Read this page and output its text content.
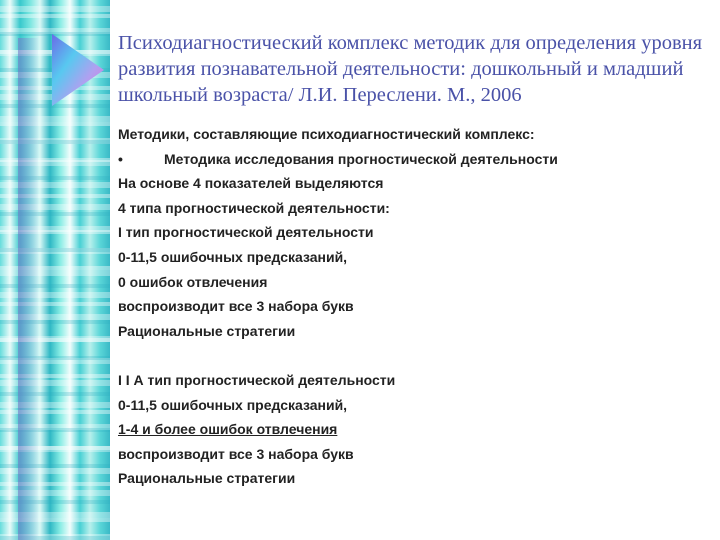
Психодиагностический комплекс методик для определения уровня развития познавательной деятельности: дошкольный и младший школьный возраста/ Л.И. Переслени. М., 2006
Методики, составляющие психодиагностический комплекс:
•	Методика исследования прогностической деятельности
На основе 4 показателей выделяются
4 типа прогностической деятельности:
I тип прогностической деятельности
0-11,5 ошибочных предсказаний,
0 ошибок отвлечения
воспроизводит все 3 набора букв
Рациональные стратегии
I I А тип прогностической деятельности
0-11,5 ошибочных предсказаний,
1-4 и более ошибок отвлечения
воспроизводит все 3 набора букв
Рациональные стратегии
